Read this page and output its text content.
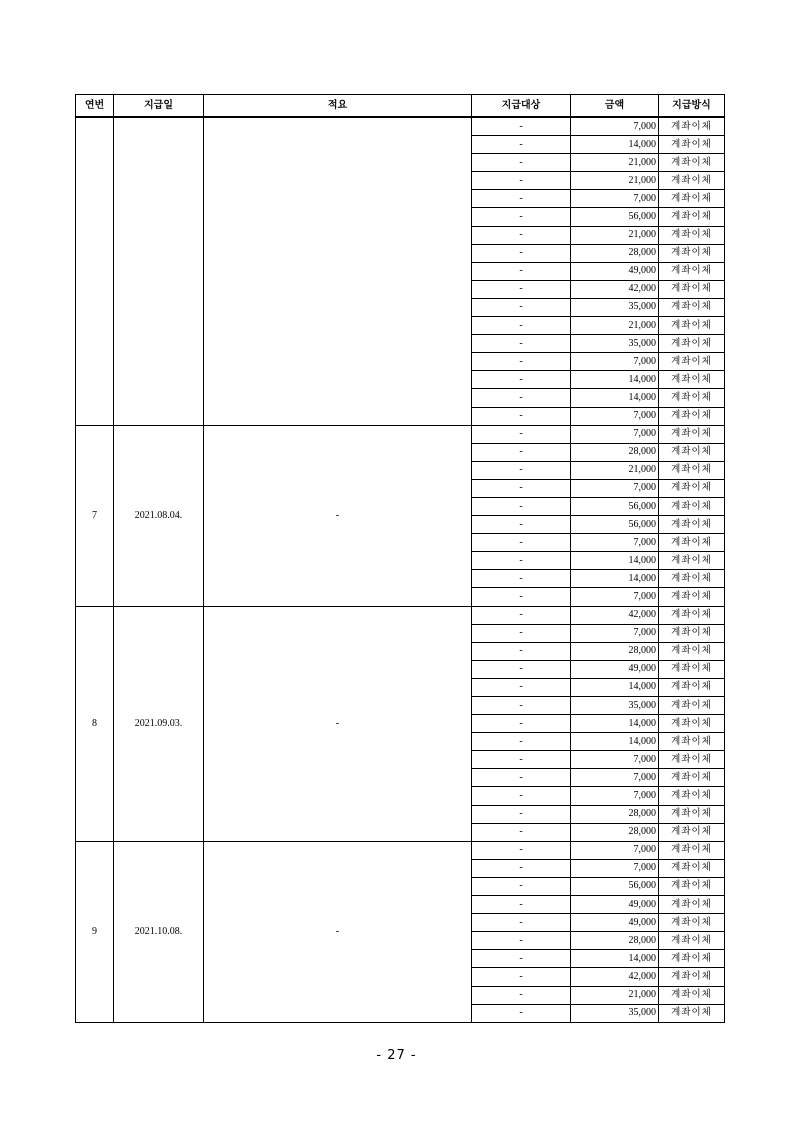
연번	지급일	적요	지급대상	금액	지급방식
			-	7,000	계좌이체
			-	14,000	계좌이체
			-	21,000	계좌이체
			-	21,000	계좌이체
			-	7,000	계좌이체
			-	56,000	계좌이체
			-	21,000	계좌이체
			-	28,000	계좌이체
			-	49,000	계좌이체
			-	42,000	계좌이체
			-	35,000	계좌이체
			-	21,000	계좌이체
			-	35,000	계좌이체
			-	7,000	계좌이체
			-	14,000	계좌이체
			-	14,000	계좌이체
			-	7,000	계좌이체
7	2021.08.04.	-	-	7,000	계좌이체
			-	28,000	계좌이체
			-	21,000	계좌이체
			-	7,000	계좌이체
			-	56,000	계좌이체
			-	56,000	계좌이체
			-	7,000	계좌이체
			-	14,000	계좌이체
			-	14,000	계좌이체
			-	7,000	계좌이체
8	2021.09.03.	-	-	42,000	계좌이체
			-	7,000	계좌이체
			-	28,000	계좌이체
			-	49,000	계좌이체
			-	14,000	계좌이체
			-	35,000	계좌이체
			-	14,000	계좌이체
			-	14,000	계좌이체
			-	7,000	계좌이체
			-	7,000	계좌이체
			-	7,000	계좌이체
			-	28,000	계좌이체
			-	28,000	계좌이체
9	2021.10.08.	-	-	7,000	계좌이체
			-	7,000	계좌이체
			-	56,000	계좌이체
			-	49,000	계좌이체
			-	49,000	계좌이체
			-	28,000	계좌이체
			-	14,000	계좌이체
			-	42,000	계좌이체
			-	21,000	계좌이체
			-	35,000	계좌이체
- 27 -
